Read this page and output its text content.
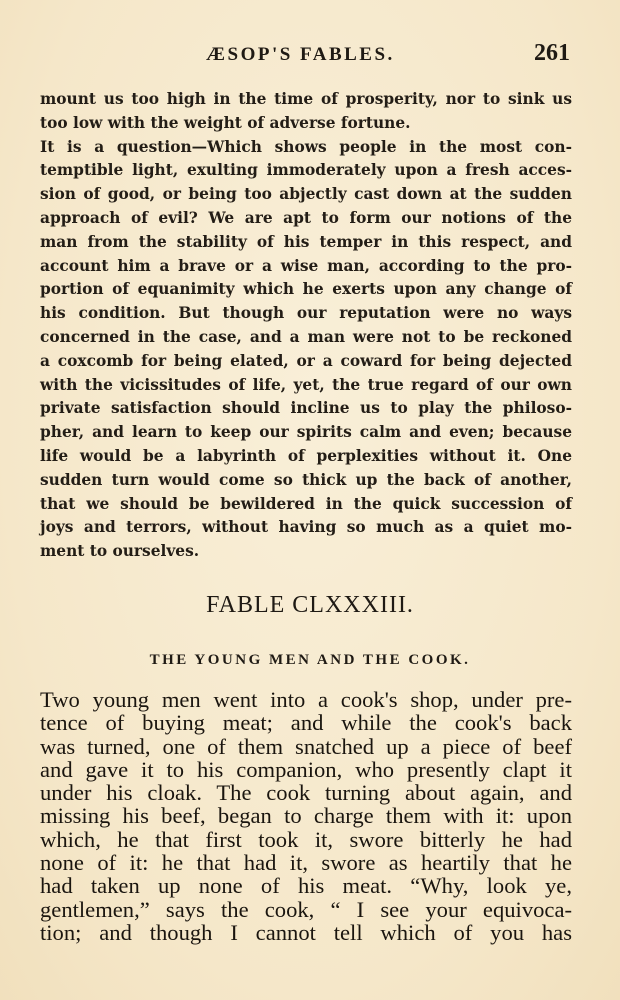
ÆSOP'S FABLES.	261
mount us too high in the time of prosperity, nor to sink us
too low with the weight of adverse fortune.
It is a question—Which shows people in the most con-
temptible light, exulting immoderately upon a fresh acces-
sion of good, or being too abjectly cast down at the sudden
approach of evil? We are apt to form our notions of the
man from the stability of his temper in this respect, and
account him a brave or a wise man, according to the pro-
portion of equanimity which he exerts upon any change of
his condition. But though our reputation were no ways
concerned in the case, and a man were not to be reckoned
a coxcomb for being elated, or a coward for being dejected
with the vicissitudes of life, yet, the true regard of our own
private satisfaction should incline us to play the philoso-
pher, and learn to keep our spirits calm and even; because
life would be a labyrinth of perplexities without it. One
sudden turn would come so thick up the back of another,
that we should be bewildered in the quick succession of
joys and terrors, without having so much as a quiet mo-
ment to ourselves.
FABLE CLXXXIII.
THE YOUNG MEN AND THE COOK.
Two young men went into a cook's shop, under pre-
tence of buying meat; and while the cook's back
was turned, one of them snatched up a piece of beef
and gave it to his companion, who presently clapt it
under his cloak. The cook turning about again, and
missing his beef, began to charge them with it: upon
which, he that first took it, swore bitterly he had
none of it: he that had it, swore as heartily that he
had taken up none of his meat. “Why, look ye,
gentlemen,” says the cook, “ I see your equivoca-
tion; and though I cannot tell which of you has
